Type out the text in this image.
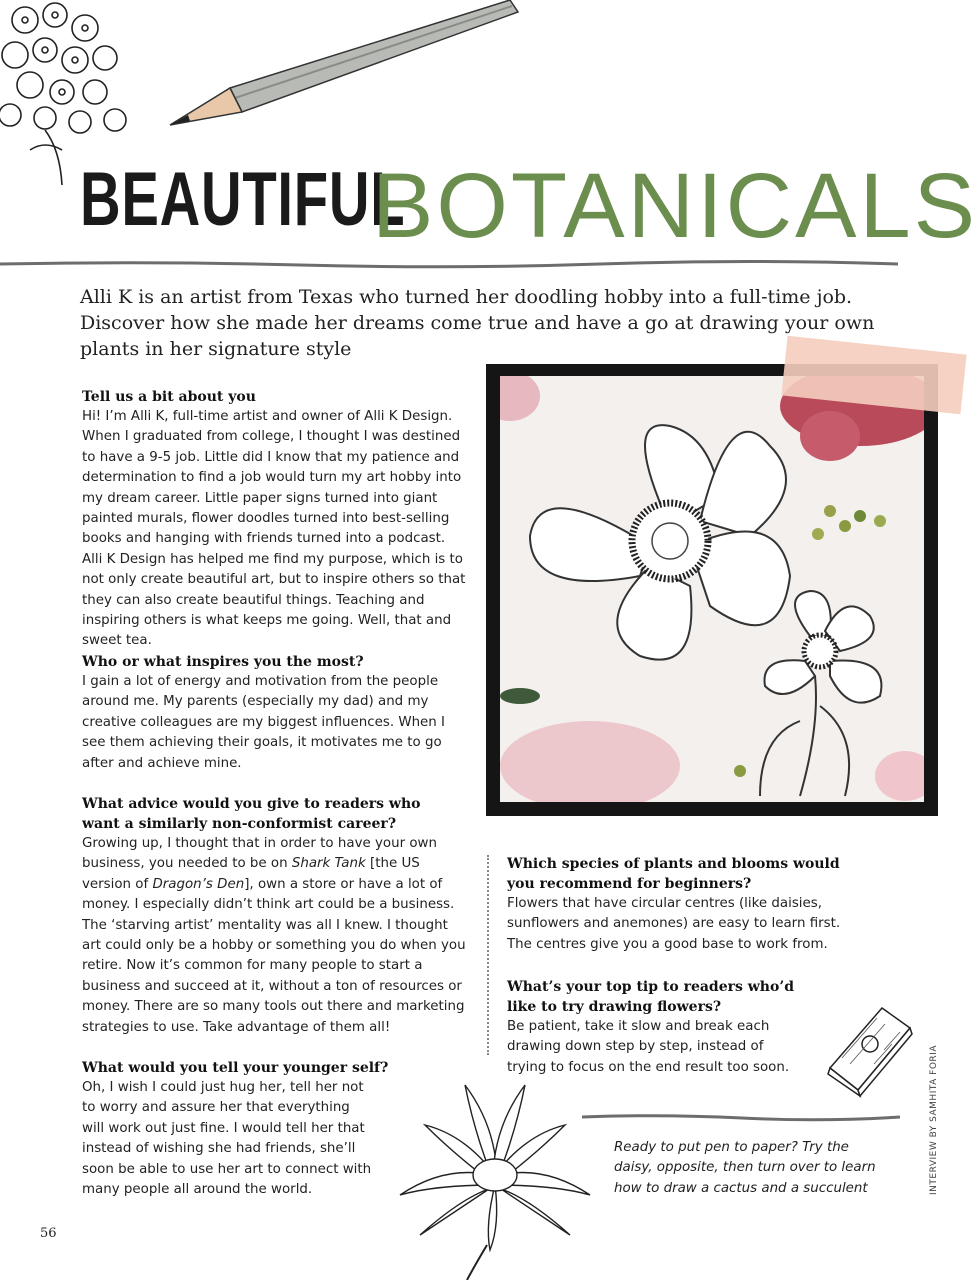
BEAUTIFUL
BOTANICALS
Alli K is an artist from Texas who turned her doodling hobby into a full-time job. Discover how she made her dreams come true and have a go at drawing your own plants in her signature style

Tell us a bit about you

Hi! I’m Alli K, full-time artist and owner of Alli K Design. When I graduated from college, I thought I was destined to have a 9-5 job. Little did I know that my patience and determination to find a job would turn my art hobby into my dream career. Little paper signs turned into giant painted murals, flower doodles turned into best-selling books and hanging with friends turned into a podcast. Alli K Design has helped me find my purpose, which is to not only create beautiful art, but to inspire others so that they can also create beautiful things. Teaching and inspiring others is what keeps me going. Well, that and sweet tea.

Who or what inspires you the most?

I gain a lot of energy and motivation from the people around me. My parents (especially my dad) and my creative colleagues are my biggest influences. When I see them achieving their goals, it motivates me to go after and achieve mine.

What advice would you give to readers who want a similarly non-conformist career?

Growing up, I thought that in order to have your own business, you needed to be on Shark Tank [the US version of Dragon’s Den], own a store or have a lot of money. I especially didn’t think art could be a business. The ‘starving artist’ mentality was all I knew. I thought art could only be a hobby or something you do when you retire. Now it’s common for many people to start a business and succeed at it, without a ton of resources or money. There are so many tools out there and marketing strategies to use. Take advantage of them all!

What would you tell your younger self?

Oh, I wish I could just hug her, tell her not to worry and assure her that everything will work out just fine. I would tell her that instead of wishing she had friends, she’ll soon be able to use her art to connect with many people all around the world.

Which species of plants and blooms would you recommend for beginners?

Flowers that have circular centres (like daisies, sunflowers and anemones) are easy to learn first. The centres give you a good base to work from.

What’s your top tip to readers who’d like to try drawing flowers?

Be patient, take it slow and break each drawing down step by step, instead of trying to focus on the end result too soon.

Ready to put pen to paper? Try the daisy, opposite, then turn over to learn how to draw a cactus and a succulent	INTERVIEW BY SAMHITA FORIA
56
